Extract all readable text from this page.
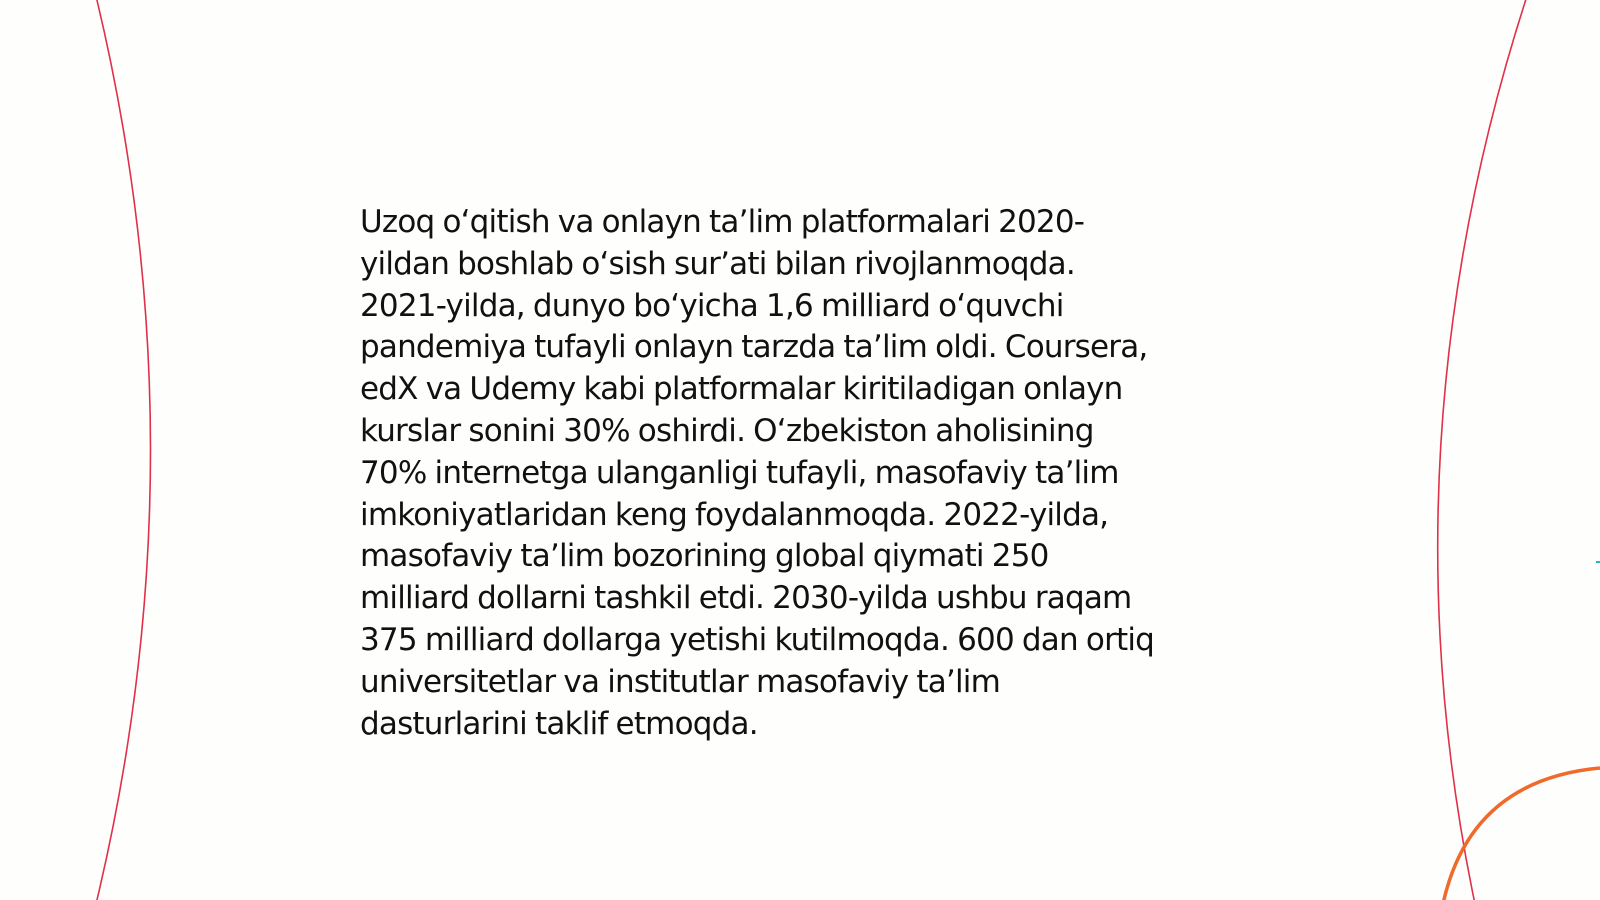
Uzoq o‘qitish va onlayn ta’lim platformalari 2020-
yildan boshlab o‘sish sur’ati bilan rivojlanmoqda.
2021-yilda, dunyo bo‘yicha 1,6 milliard o‘quvchi
pandemiya tufayli onlayn tarzda ta’lim oldi. Coursera,
edX va Udemy kabi platformalar kiritiladigan onlayn
kurslar sonini 30% oshirdi. O‘zbekiston aholisining
70% internetga ulanganligi tufayli, masofaviy ta’lim
imkoniyatlaridan keng foydalanmoqda. 2022-yilda,
masofaviy ta’lim bozorining global qiymati 250
milliard dollarni tashkil etdi. 2030-yilda ushbu raqam
375 milliard dollarga yetishi kutilmoqda. 600 dan ortiq
universitetlar va institutlar masofaviy ta’lim
dasturlarini taklif etmoqda.
